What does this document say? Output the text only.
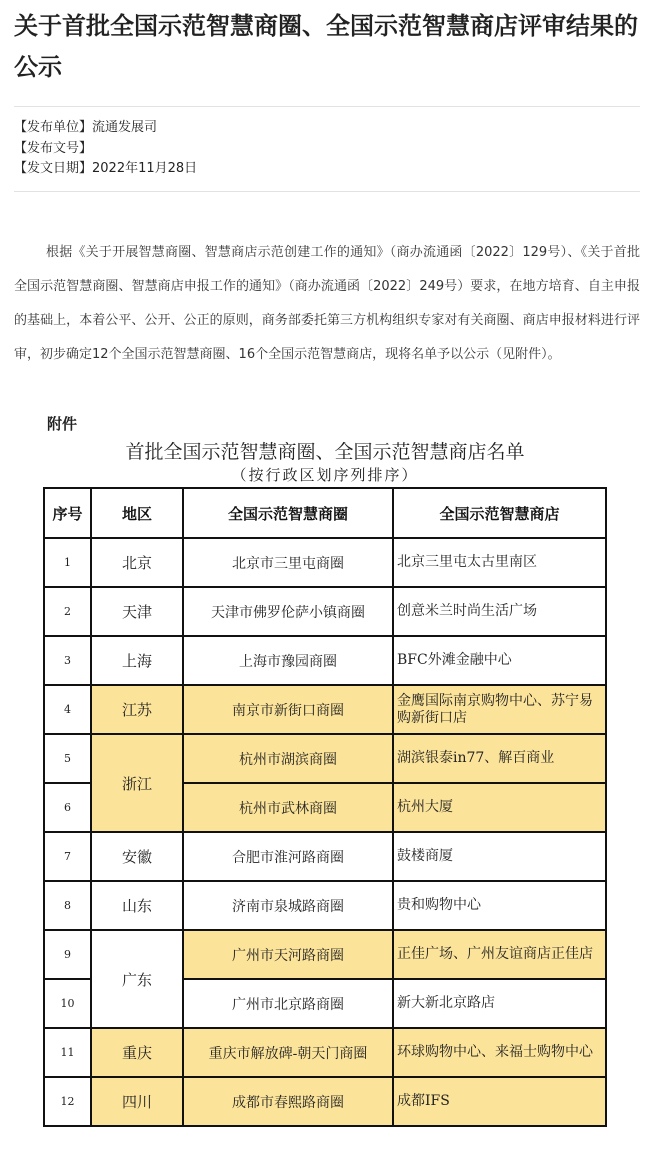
关于首批全国示范智慧商圈、全国示范智慧商店评审结果的公示
【发布单位】流通发展司
【发布文号】
【发文日期】2022年11月28日

根据《关于开展智慧商圈、智慧商店示范创建工作的通知》（商办流通函〔2022〕129号）、《关于首批全国示范智慧商圈、智慧商店申报工作的通知》（商办流通函〔2022〕249号）要求，在地方培育、自主申报的基础上，本着公平、公开、公正的原则，商务部委托第三方机构组织专家对有关商圈、商店申报材料进行评审，初步确定12个全国示范智慧商圈、16个全国示范智慧商店，现将名单予以公示（见附件）。

附件
首批全国示范智慧商圈、全国示范智慧商店名单
（按行政区划序列排序）
序号	地区	全国示范智慧商圈	全国示范智慧商店
1	北京	北京市三里屯商圈	北京三里屯太古里南区
2	天津	天津市佛罗伦萨小镇商圈	创意米兰时尚生活广场
3	上海	上海市豫园商圈	BFC外滩金融中心
4	江苏	南京市新街口商圈	金鹰国际南京购物中心、苏宁易购新街口店
5	浙江	杭州市湖滨商圈	湖滨银泰in77、解百商业
6		杭州市武林商圈	杭州大厦
7	安徽	合肥市淮河路商圈	鼓楼商厦
8	山东	济南市泉城路商圈	贵和购物中心
9	广东	广州市天河路商圈	正佳广场、广州友谊商店正佳店
10		广州市北京路商圈	新大新北京路店
11	重庆	重庆市解放碑-朝天门商圈	环球购物中心、来福士购物中心
12	四川	成都市春熙路商圈	成都IFS
